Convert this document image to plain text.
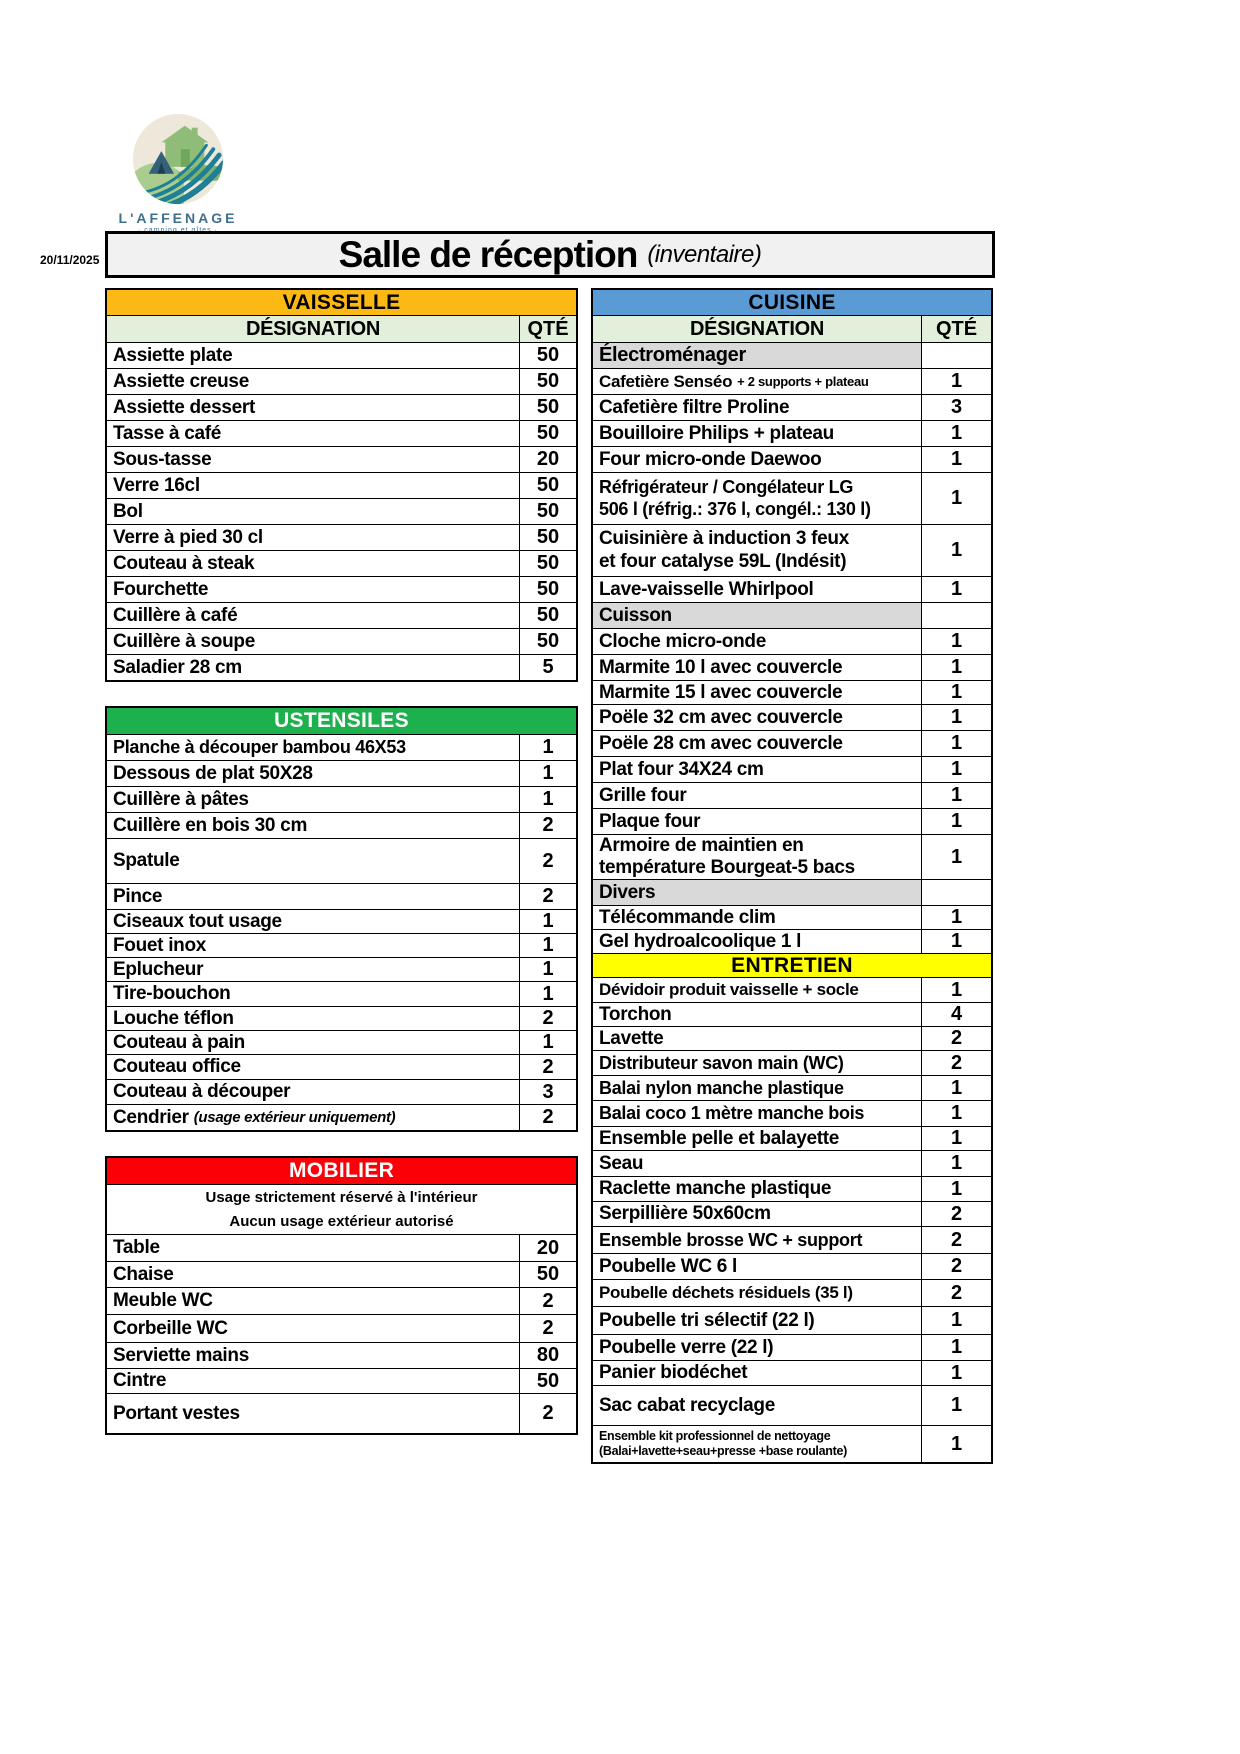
L'AFFENAGE
20/11/2025	Salle de réception (inventaire)
VAISSELLE
DÉSIGNATION	QTÉ
Assiette plate	50
Assiette creuse	50
Assiette dessert	50
Tasse à café	50
Sous-tasse	20
Verre 16cl	50
Bol	50
Verre à pied 30 cl	50
Couteau à steak	50
Fourchette	50
Cuillère à café	50
Cuillère à soupe	50
Saladier 28 cm	5
USTENSILES
Planche à découper bambou 46X53	1
Dessous de plat 50X28	1
Cuillère à pâtes	1
Cuillère en bois 30 cm	2
Spatule	2
Pince	2
Ciseaux tout usage	1
Fouet inox	1
Eplucheur	1
Tire-bouchon	1
Louche téflon	2
Couteau à pain	1
Couteau office	2
Couteau à découper	3
Cendrier (usage extérieur uniquement)	2
MOBILIER
Usage strictement réservé à l'intérieur
Aucun usage extérieur autorisé
Table	20
Chaise	50
Meuble WC	2
Corbeille WC	2
Serviette mains	80
Cintre	50
Portant vestes	2
CUISINE
DÉSIGNATION	QTÉ
Électroménager
Cafetière Senséo + 2 supports + plateau	1
Cafetière filtre Proline	3
Bouilloire Philips + plateau	1
Four micro-onde Daewoo	1
Réfrigérateur / Congélateur LG
506 l (réfrig.: 376 l, congél.: 130 l)	1
Cuisinière à induction 3 feux
et four catalyse 59L (Indésit)	1
Lave-vaisselle Whirlpool	1
Cuisson
Cloche micro-onde	1
Marmite 10 l avec couvercle	1
Marmite 15 l avec couvercle	1
Poële 32 cm avec couvercle	1
Poële 28 cm avec couvercle	1
Plat four 34X24 cm	1
Grille four	1
Plaque four	1
Armoire de maintien en
température Bourgeat-5 bacs	1
Divers
Télécommande clim	1
Gel hydroalcoolique 1 l	1
ENTRETIEN
Dévidoir produit vaisselle + socle	1
Torchon	4
Lavette	2
Distributeur savon main (WC)	2
Balai nylon manche plastique	1
Balai coco 1 mètre manche bois	1
Ensemble pelle et balayette	1
Seau	1
Raclette manche plastique	1
Serpillière 50x60cm	2
Ensemble brosse WC + support	2
Poubelle WC 6 l	2
Poubelle déchets résiduels (35 l)	2
Poubelle tri sélectif (22 l)	1
Poubelle verre (22 l)	1
Panier biodéchet	1
Sac cabat recyclage	1
Ensemble kit professionnel de nettoyage
(Balai+lavette+seau+presse +base roulante)	1
